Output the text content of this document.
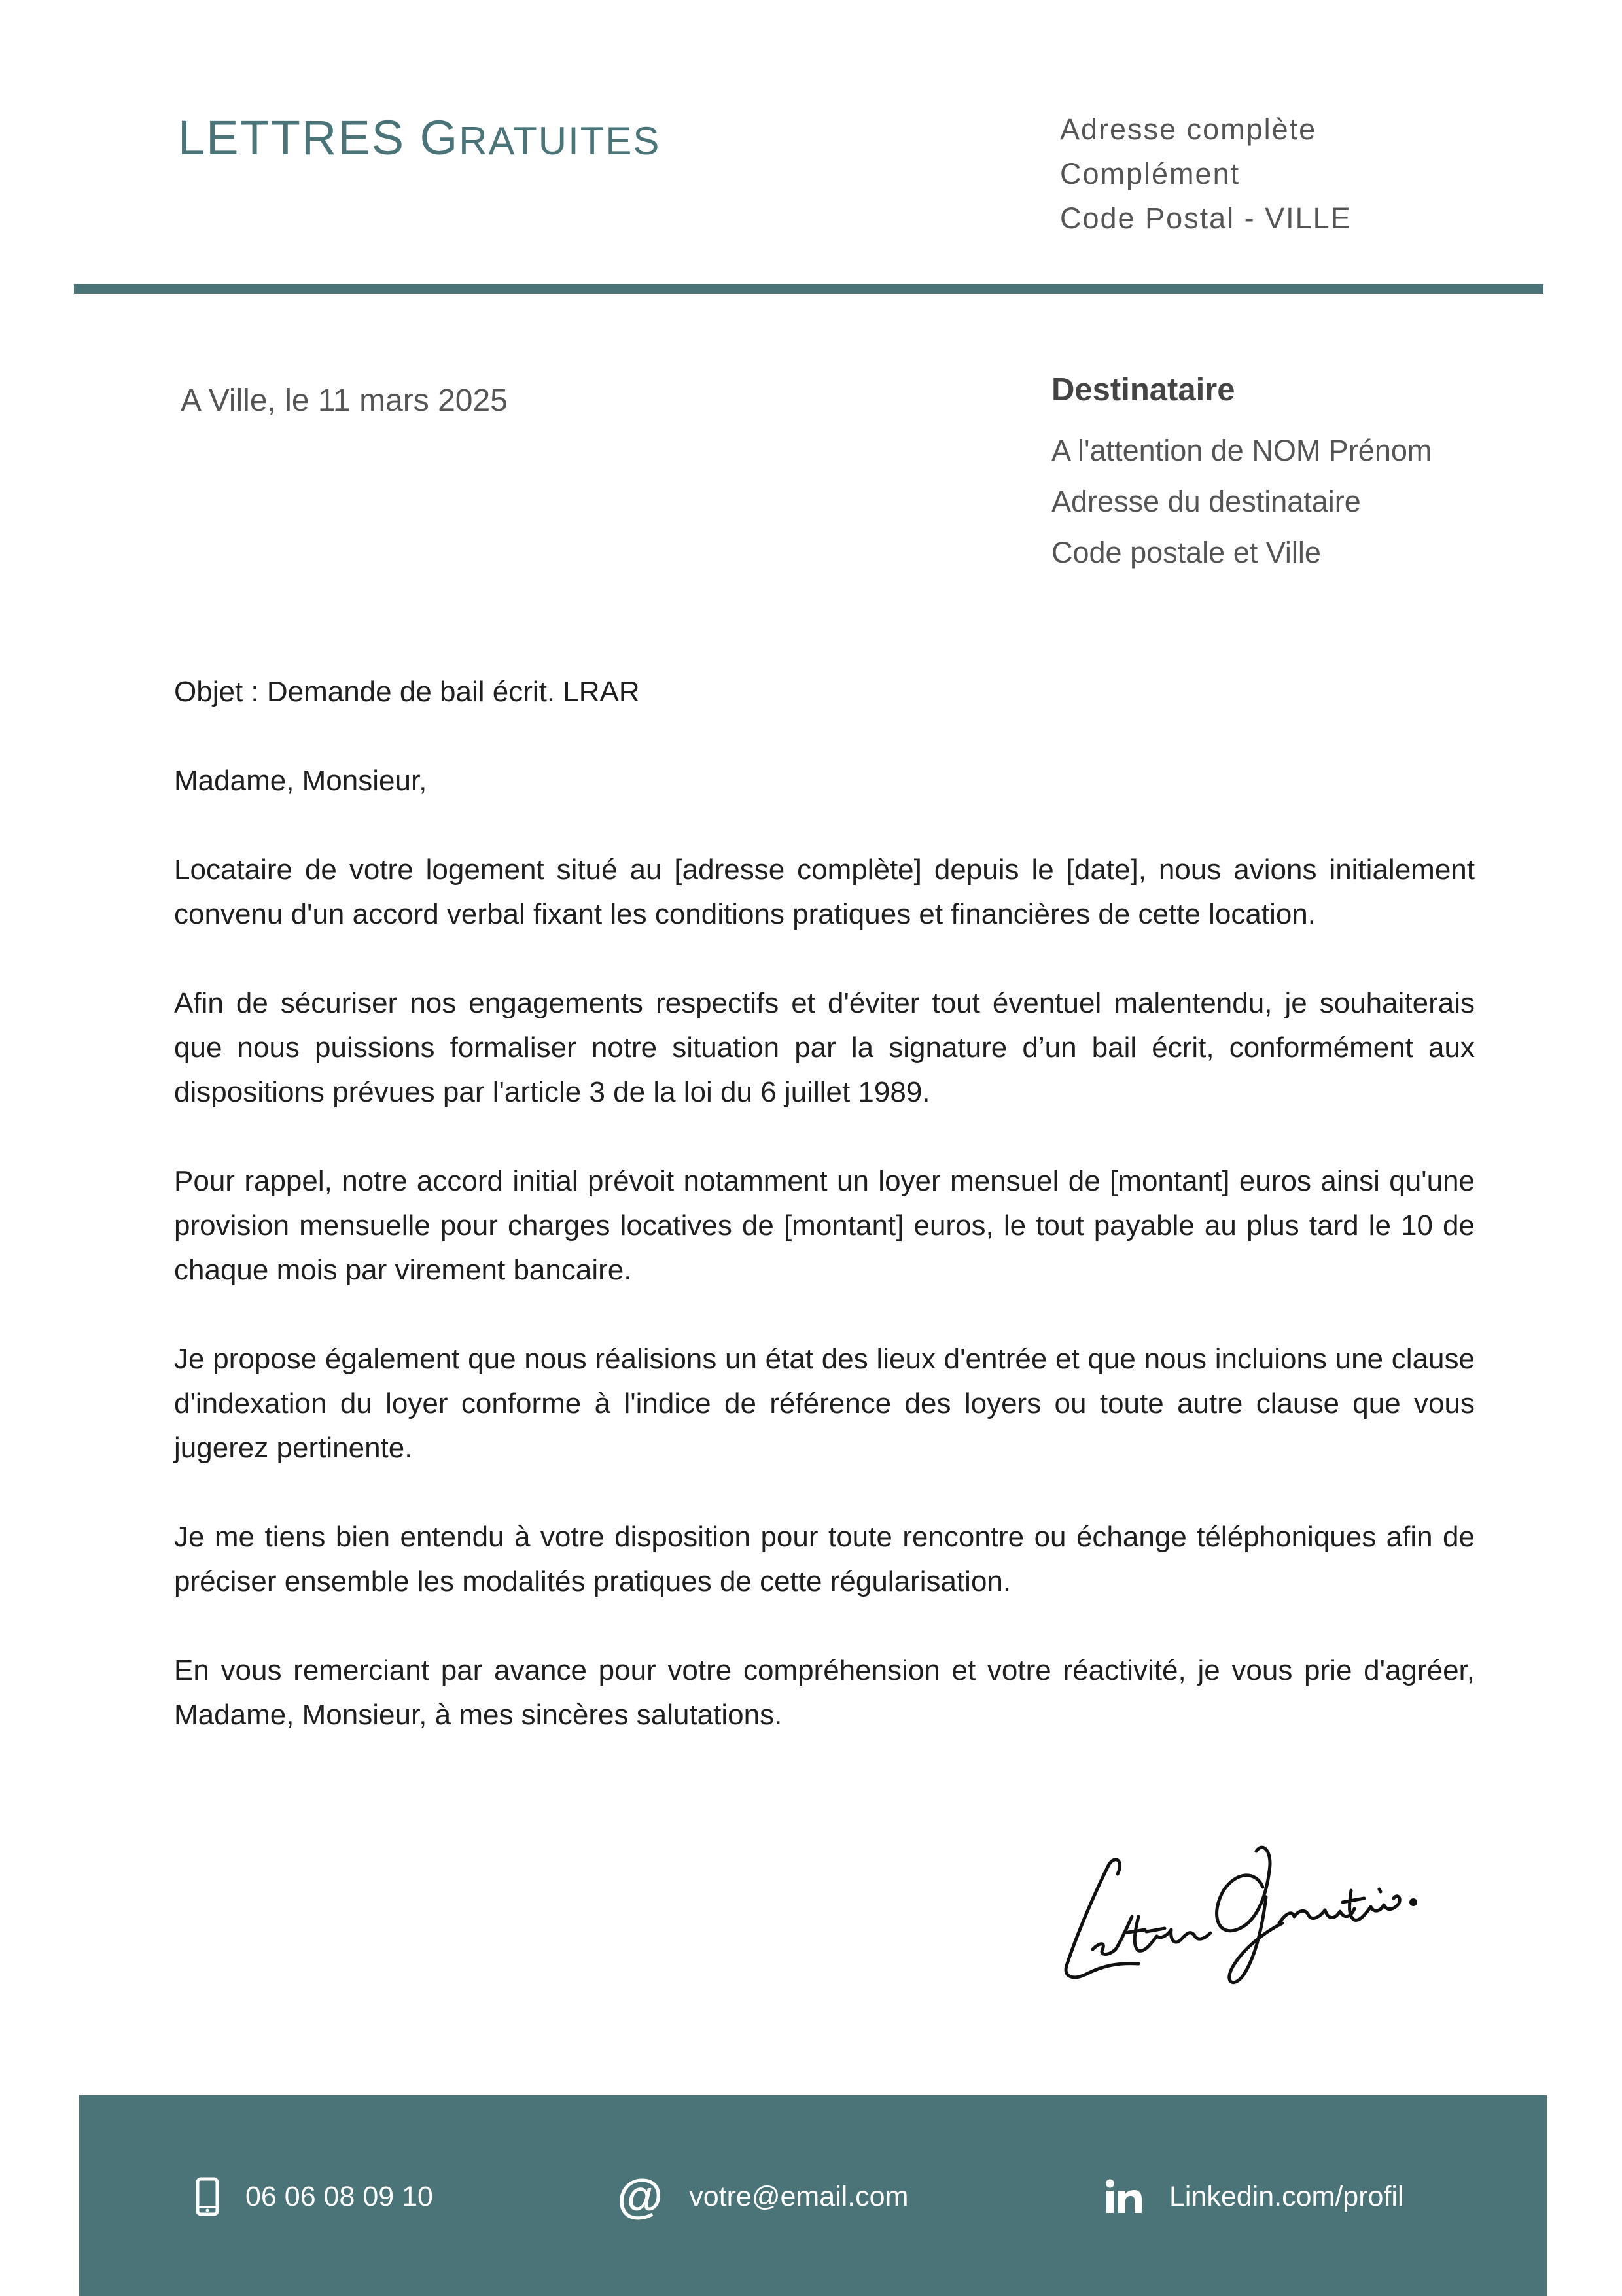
LETTRES GRATUITES	Adresse complète
Complément
Code Postal - VILLE
A Ville, le 11 mars 2025	Destinataire
A l'attention de NOM Prénom
Adresse du destinataire
Code postale et Ville

Objet : Demande de bail écrit. LRAR

Madame, Monsieur,

Locataire de votre logement situé au [adresse complète] depuis le [date], nous avions initialement convenu d'un accord verbal fixant les conditions pratiques et financières de cette location.

Afin de sécuriser nos engagements respectifs et d'éviter tout éventuel malentendu, je souhaiterais que nous puissions formaliser notre situation par la signature d’un bail écrit, conformément aux dispositions prévues par l'article 3 de la loi du 6 juillet 1989.

Pour rappel, notre accord initial prévoit notamment un loyer mensuel de [montant] euros ainsi qu'une provision mensuelle pour charges locatives de [montant] euros, le tout payable au plus tard le 10 de chaque mois par virement bancaire.

Je propose également que nous réalisions un état des lieux d'entrée et que nous incluions une clause d'indexation du loyer conforme à l'indice de référence des loyers ou toute autre clause que vous jugerez pertinente.

Je me tiens bien entendu à votre disposition pour toute rencontre ou échange téléphoniques afin de préciser ensemble les modalités pratiques de cette régularisation.

En vous remerciant par avance pour votre compréhension et votre réactivité, je vous prie d'agréer, Madame, Monsieur, à mes sincères salutations.

06 06 08 09 10	@ votre@email.com	Linkedin.com/profil
